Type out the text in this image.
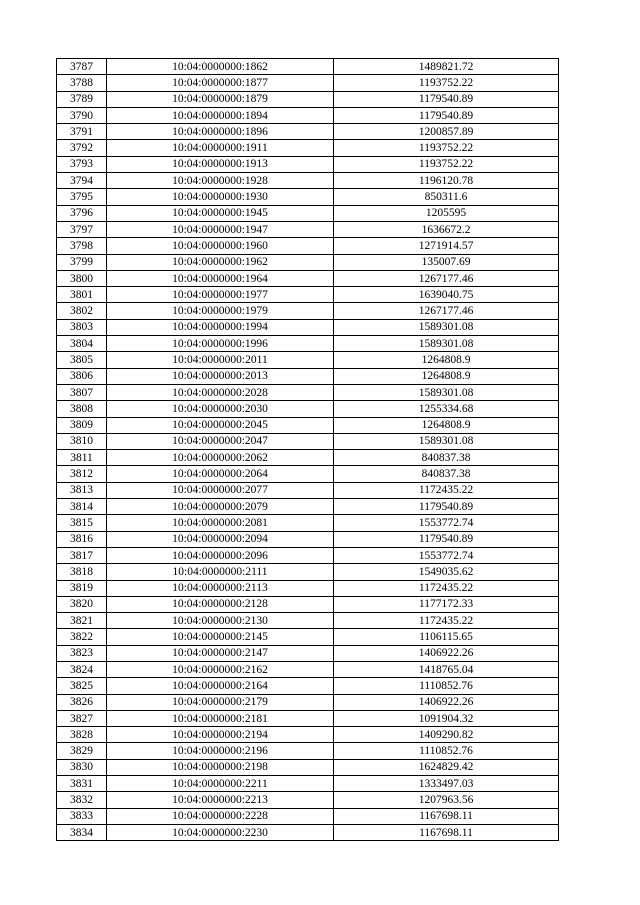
3787	10:04:0000000:1862	1489821.72
3788	10:04:0000000:1877	1193752.22
3789	10:04:0000000:1879	1179540.89
3790	10:04:0000000:1894	1179540.89
3791	10:04:0000000:1896	1200857.89
3792	10:04:0000000:1911	1193752.22
3793	10:04:0000000:1913	1193752.22
3794	10:04:0000000:1928	1196120.78
3795	10:04:0000000:1930	850311.6
3796	10:04:0000000:1945	1205595
3797	10:04:0000000:1947	1636672.2
3798	10:04:0000000:1960	1271914.57
3799	10:04:0000000:1962	135007.69
3800	10:04:0000000:1964	1267177.46
3801	10:04:0000000:1977	1639040.75
3802	10:04:0000000:1979	1267177.46
3803	10:04:0000000:1994	1589301.08
3804	10:04:0000000:1996	1589301.08
3805	10:04:0000000:2011	1264808.9
3806	10:04:0000000:2013	1264808.9
3807	10:04:0000000:2028	1589301.08
3808	10:04:0000000:2030	1255334.68
3809	10:04:0000000:2045	1264808.9
3810	10:04:0000000:2047	1589301.08
3811	10:04:0000000:2062	840837.38
3812	10:04:0000000:2064	840837.38
3813	10:04:0000000:2077	1172435.22
3814	10:04:0000000:2079	1179540.89
3815	10:04:0000000:2081	1553772.74
3816	10:04:0000000:2094	1179540.89
3817	10:04:0000000:2096	1553772.74
3818	10:04:0000000:2111	1549035.62
3819	10:04:0000000:2113	1172435.22
3820	10:04:0000000:2128	1177172.33
3821	10:04:0000000:2130	1172435.22
3822	10:04:0000000:2145	1106115.65
3823	10:04:0000000:2147	1406922.26
3824	10:04:0000000:2162	1418765.04
3825	10:04:0000000:2164	1110852.76
3826	10:04:0000000:2179	1406922.26
3827	10:04:0000000:2181	1091904.32
3828	10:04:0000000:2194	1409290.82
3829	10:04:0000000:2196	1110852.76
3830	10:04:0000000:2198	1624829.42
3831	10:04:0000000:2211	1333497.03
3832	10:04:0000000:2213	1207963.56
3833	10:04:0000000:2228	1167698.11
3834	10:04:0000000:2230	1167698.11
